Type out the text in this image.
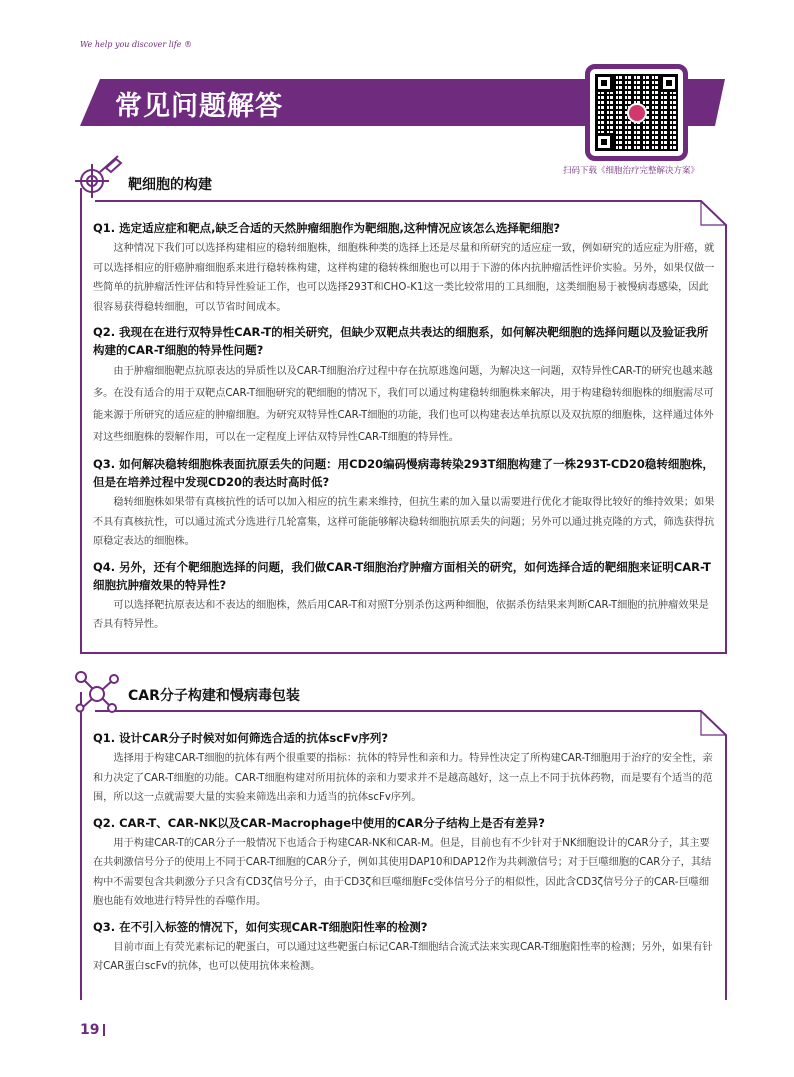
We help you discover life ®
常见问题解答
扫码下载《细胞治疗完整解决方案》
靶细胞的构建
Q1. 选定适应症和靶点,缺乏合适的天然肿瘤细胞作为靶细胞,这种情况应该怎么选择靶细胞?
这种情况下我们可以选择构建相应的稳转细胞株，细胞株种类的选择上还是尽量和所研究的适应症一致，例如研究的适应症为肝癌，就可以选择相应的肝癌肿瘤细胞系来进行稳转株构建，这样构建的稳转株细胞也可以用于下游的体内抗肿瘤活性评价实验。另外，如果仅做一些简单的抗肿瘤活性评估和特异性验证工作，也可以选择293T和CHO-K1这一类比较常用的工具细胞，这类细胞易于被慢病毒感染，因此很容易获得稳转细胞，可以节省时间成本。
Q2. 我现在在进行双特异性CAR-T的相关研究，但缺少双靶点共表达的细胞系，如何解决靶细胞的选择问题以及验证我所构建的CAR-T细胞的特异性问题?
由于肿瘤细胞靶点抗原表达的异质性以及CAR-T细胞治疗过程中存在抗原逃逸问题，为解决这一问题，双特异性CAR-T的研究也越来越多。在没有适合的用于双靶点CAR-T细胞研究的靶细胞的情况下，我们可以通过构建稳转细胞株来解决，用于构建稳转细胞株的细胞需尽可能来源于所研究的适应症的肿瘤细胞。为研究双特异性CAR-T细胞的功能，我们也可以构建表达单抗原以及双抗原的细胞株，这样通过体外对这些细胞株的裂解作用，可以在一定程度上评估双特异性CAR-T细胞的特异性。
Q3. 如何解决稳转细胞株表面抗原丢失的问题：用CD20编码慢病毒转染293T细胞构建了一株293T-CD20稳转细胞株，但是在培养过程中发现CD20的表达时高时低?
稳转细胞株如果带有真核抗性的话可以加入相应的抗生素来维持，但抗生素的加入量以需要进行优化才能取得比较好的维持效果；如果不具有真核抗性，可以通过流式分选进行几轮富集，这样可能能够解决稳转细胞抗原丢失的问题；另外可以通过挑克隆的方式，筛选获得抗原稳定表达的细胞株。
Q4. 另外，还有个靶细胞选择的问题，我们做CAR-T细胞治疗肿瘤方面相关的研究，如何选择合适的靶细胞来证明CAR-T细胞抗肿瘤效果的特异性?
可以选择靶抗原表达和不表达的细胞株，然后用CAR-T和对照T分别杀伤这两种细胞，依据杀伤结果来判断CAR-T细胞的抗肿瘤效果是否具有特异性。
CAR分子构建和慢病毒包装
Q1. 设计CAR分子时候对如何筛选合适的抗体scFv序列?
选择用于构建CAR-T细胞的抗体有两个很重要的指标：抗体的特异性和亲和力。特异性决定了所构建CAR-T细胞用于治疗的安全性，亲和力决定了CAR-T细胞的功能。CAR-T细胞构建对所用抗体的亲和力要求并不是越高越好，这一点上不同于抗体药物，而是要有个适当的范围，所以这一点就需要大量的实验来筛选出亲和力适当的抗体scFv序列。
Q2. CAR-T、CAR-NK以及CAR-Macrophage中使用的CAR分子结构上是否有差异?
用于构建CAR-T的CAR分子一般情况下也适合于构建CAR-NK和CAR-M。但是，目前也有不少针对于NK细胞设计的CAR分子，其主要在共刺激信号分子的使用上不同于CAR-T细胞的CAR分子，例如其使用DAP10和DAP12作为共刺激信号；对于巨噬细胞的CAR分子，其结构中不需要包含共刺激分子只含有CD3ζ信号分子，由于CD3ζ和巨噬细胞Fc受体信号分子的相似性，因此含CD3ζ信号分子的CAR-巨噬细胞也能有效地进行特异性的吞噬作用。
Q3. 在不引入标签的情况下，如何实现CAR-T细胞阳性率的检测?
目前市面上有荧光素标记的靶蛋白，可以通过这些靶蛋白标记CAR-T细胞结合流式法来实现CAR-T细胞阳性率的检测；另外，如果有针对CAR蛋白scFv的抗体，也可以使用抗体来检测。
19
